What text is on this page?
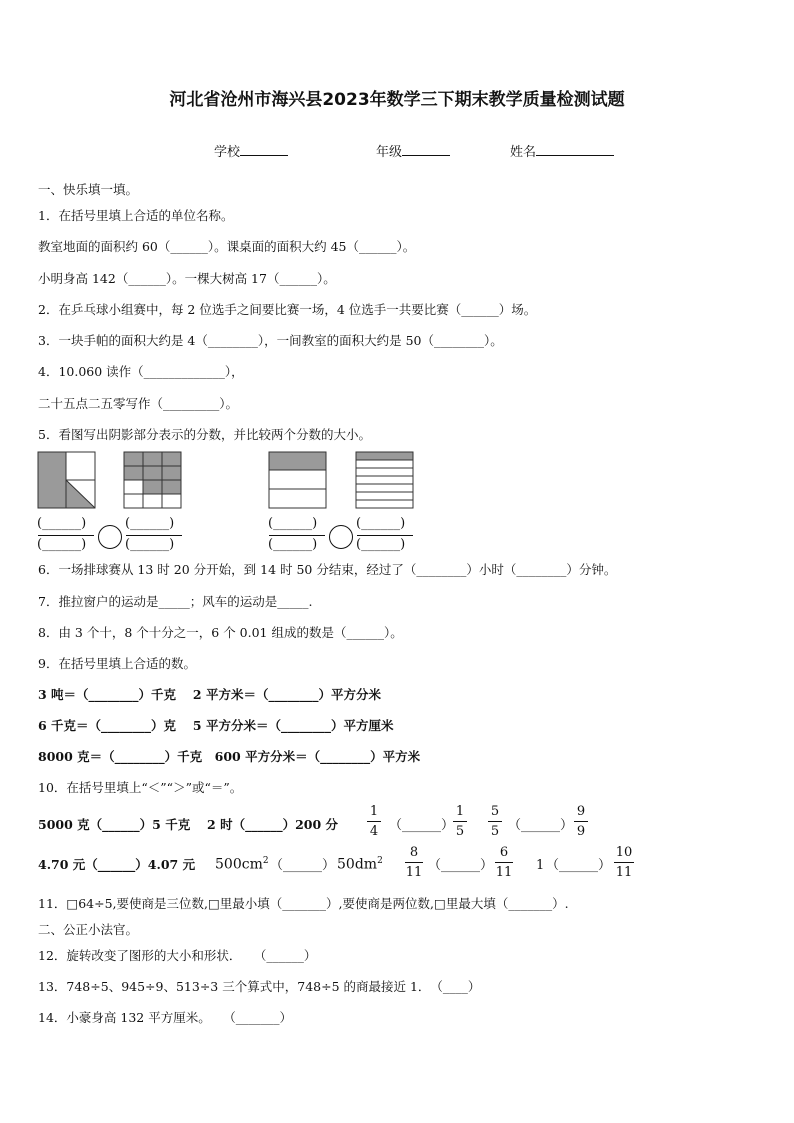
河北省沧州市海兴县2023年数学三下期末教学质量检测试题
学校	年级	姓名
一、快乐填一填。
1．在括号里填上合适的单位名称。
教室地面的面积约 60（______）。课桌面的面积大约 45（______）。
小明身高 142（______）。一棵大树高 17（______）。
2．在乒乓球小组赛中，每 2 位选手之间要比赛一场，4 位选手一共要比赛（______）场。
3．一块手帕的面积大约是 4（________），一间教室的面积大约是 50（________）。
4．10.060 读作（_____________），
二十五点二五零写作（_________）。
5．看图写出阴影部分表示的分数，并比较两个分数的大小。
(______)
(______)
(______)
(______)
(______)
(______)
(______)
(______)
6．一场排球赛从 13 时 20 分开始，到 14 时 50 分结束，经过了（________）小时（________）分钟。
7．推拉窗户的运动是_____；风车的运动是_____.
8．由 3 个十，8 个十分之一，6 个 0.01 组成的数是（______）。
9．在括号里填上合适的数。
3 吨＝（________）千克　 2 平方米＝（________）平方分米
6 千克＝（________）克　 5 平方分米＝（________）平方厘米
8000 克＝（________）千克　600 平方分米＝（________）平方米
10．在括号里填上“＜”“＞”或“＝”。
5000 克（______）5 千克　 2 时（______）200 分
1
4 （______）
1
5
5
5 （______）
9
9
4.70 元（______）4.07 元 $500cm^2$ （______） $50dm^2$
8
11 （______）
6
11 1 （______）
10
11
11．□64÷5,要使商是三位数,□里最小填（_______）,要使商是两位数,□里最大填（_______）.
二、公正小法官。
12．旋转改变了图形的大小和形状．　　（______）
13．748÷5、945÷9、513÷3 三个算式中，748÷5 的商最接近 1．　（____）
14．小豪身高 132 平方厘米。　　（_______）
